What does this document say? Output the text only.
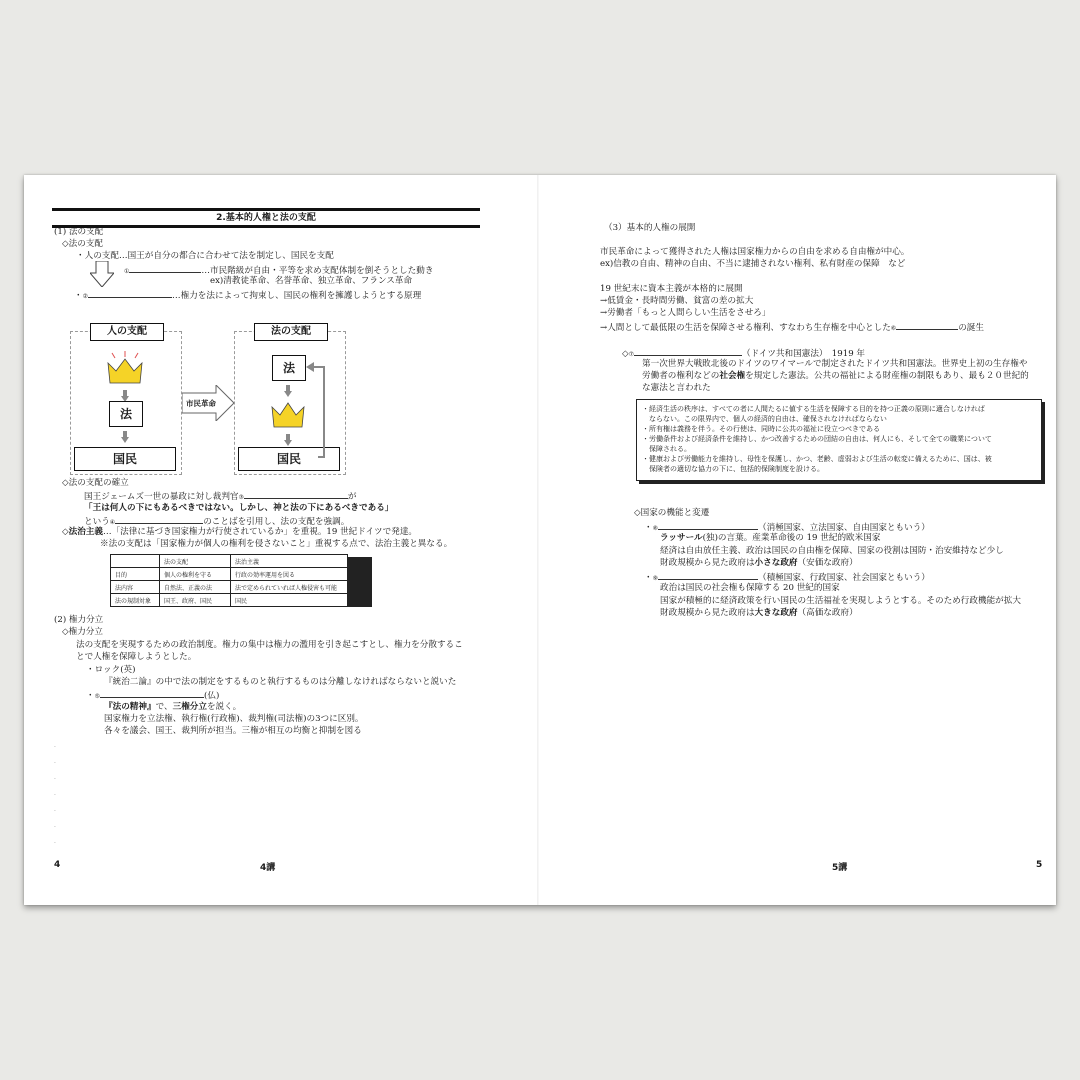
2.基本的人権と法の支配
(1) 法の支配
◇法の支配
・人の支配…国王が自分の都合に合わせて法を制定し、国民を支配
①	…市民階級が自由・平等を求め支配体制を倒そうとした動き
ex)清教徒革命、名誉革命、独立革命、フランス革命
・②	…権力を法によって拘束し、国民の権利を擁護しようとする原理
人の支配
法
国民
市民革命
法の支配
法
国民
◇法の支配の確立
国王ジェームズ一世の暴政に対し裁判官③	が
「王は何人の下にもあるべきではない。しかし、神と法の下にあるべきである」
という④	のことばを引用し、法の支配を強調。
◇法治主義…「法律に基づき国家権力が行使されているか」を重視。19 世紀ドイツで発達。
※法の支配は「国家権力が個人の権利を侵さないこと」重視する点で、法治主義と異なる。
	法の支配	法治主義
目的	個人の権利を守る	行政の効率運用を図る
法内容	自然法、正義の法	法で定められていれば人権侵害も可能
法の規制対象	国王、政府、国民	国民
(2) 権力分立
◇権力分立
法の支配を実現するための政治制度。権力の集中は権力の濫用を引き起こすとし、権力を分散するこ
とで人権を保障しようとした。
・ロック(英)
『統治二論』の中で法の制定をするものと執行するものは分離しなければならないと説いた
・⑤	(仏)
『法の精神』で、三権分立を説く。
国家権力を立法権、執行権(行政権)、裁判権(司法権)の3つに区別。
各々を議会、国王、裁判所が担当。三権が相互の均衡と抑制を図る
·
·
·
·
·
·
·
4	4講
（3）基本的人権の展開
市民革命によって獲得された人権は国家権力からの自由を求める自由権が中心。
ex)信教の自由、精神の自由、不当に逮捕されない権利、私有財産の保障　など
19 世紀末に資本主義が本格的に展開
→低賃金・長時間労働、貧富の差の拡大
→労働者「もっと人間らしい生活をさせろ」
→人間として最低限の生活を保障させる権利、すなわち生存権を中心とした⑥	の誕生
◇⑦	（ドイツ共和国憲法）　1919 年
第一次世界大戦敗北後のドイツのワイマールで制定されたドイツ共和国憲法。世界史上初の生存権や
労働者の権利などの社会権を規定した憲法。公共の福祉による財産権の制限もあり、最も２０世紀的
な憲法と言われた
・経済生活の秩序は、すべての者に人間たるに値する生活を保障する目的を持つ正義の原則に適合しなければ
　ならない。この限界内で、個人の経済的自由は、確保されなければならない
・所有権は義務を伴う。その行使は、同時に公共の福祉に役立つべきである
・労働条件および経済条件を維持し、かつ改善するための団結の自由は、何人にも、そして全ての職業について
　保障される。
・健康および労働能力を維持し、母性を保護し、かつ、老齢、虚弱および生活の転変に備えるために、国は、被
　保険者の適切な協力の下に、包括的保険制度を設ける。
◇国家の機能と変遷
・⑧	（消極国家、立法国家、自由国家ともいう）
ラッサール(独)の言葉。産業革命後の 19 世紀的欧米国家
経済は自由放任主義、政治は国民の自由権を保障、国家の役割は国防・治安維持など少し
財政規模から見た政府は小さな政府（安価な政府）
・⑨	（積極国家、行政国家、社会国家ともいう）
政治は国民の社会権も保障する 20 世紀的国家
国家が積極的に経済政策を行い国民の生活福祉を実現しようとする。そのため行政機能が拡大
財政規模から見た政府は大きな政府（高価な政府）
5講	5
